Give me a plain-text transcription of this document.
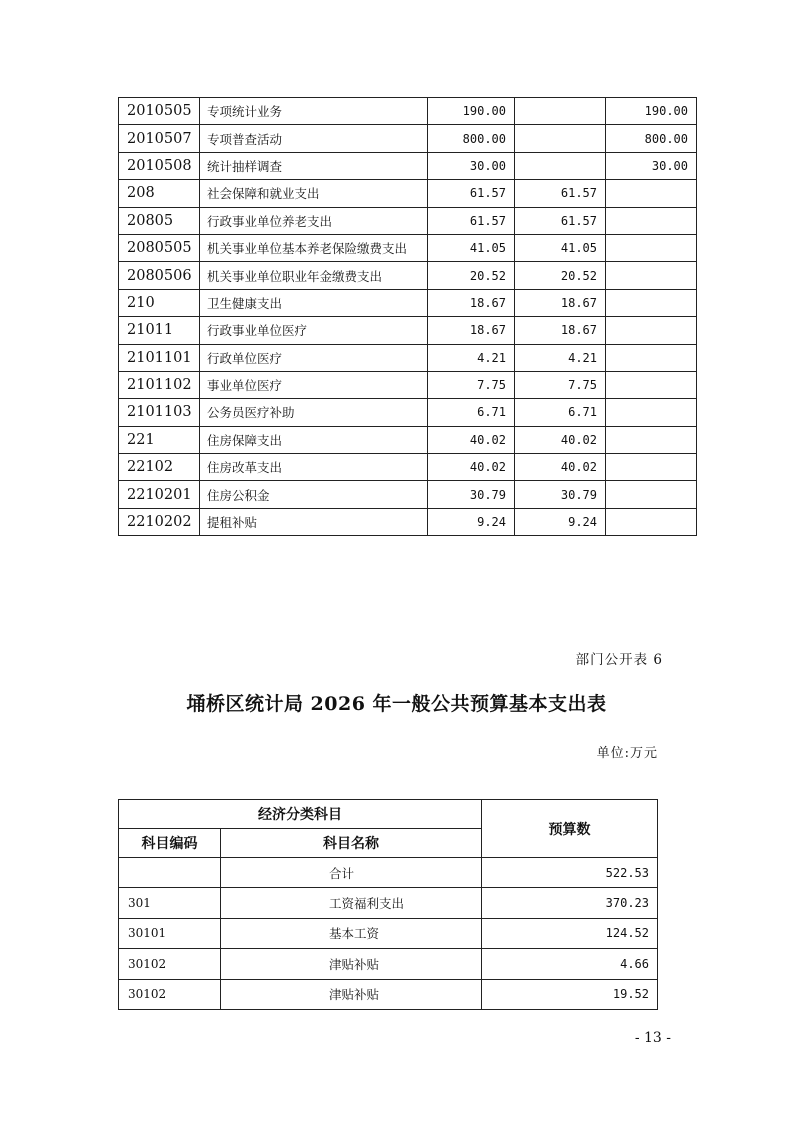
2010505	专项统计业务	190.00		190.00
2010507	专项普查活动	800.00		800.00
2010508	统计抽样调查	30.00		30.00
208	社会保障和就业支出	61.57	61.57	
20805	行政事业单位养老支出	61.57	61.57	
2080505	机关事业单位基本养老保险缴费支出	41.05	41.05	
2080506	机关事业单位职业年金缴费支出	20.52	20.52	
210	卫生健康支出	18.67	18.67	
21011	行政事业单位医疗	18.67	18.67	
2101101	行政单位医疗	4.21	4.21	
2101102	事业单位医疗	7.75	7.75	
2101103	公务员医疗补助	6.71	6.71	
221	住房保障支出	40.02	40.02	
22102	住房改革支出	40.02	40.02	
2210201	住房公积金	30.79	30.79	
2210202	提租补贴	9.24	9.24	
部门公开表 6
埇桥区统计局 2026 年一般公共预算基本支出表
单位:万元
经济分类科目		预算数
科目编码	科目名称	
	合计	522.53
301	工资福利支出	370.23
30101	基本工资	124.52
30102	津贴补贴	4.66
30102	津贴补贴	19.52
- 13 -
